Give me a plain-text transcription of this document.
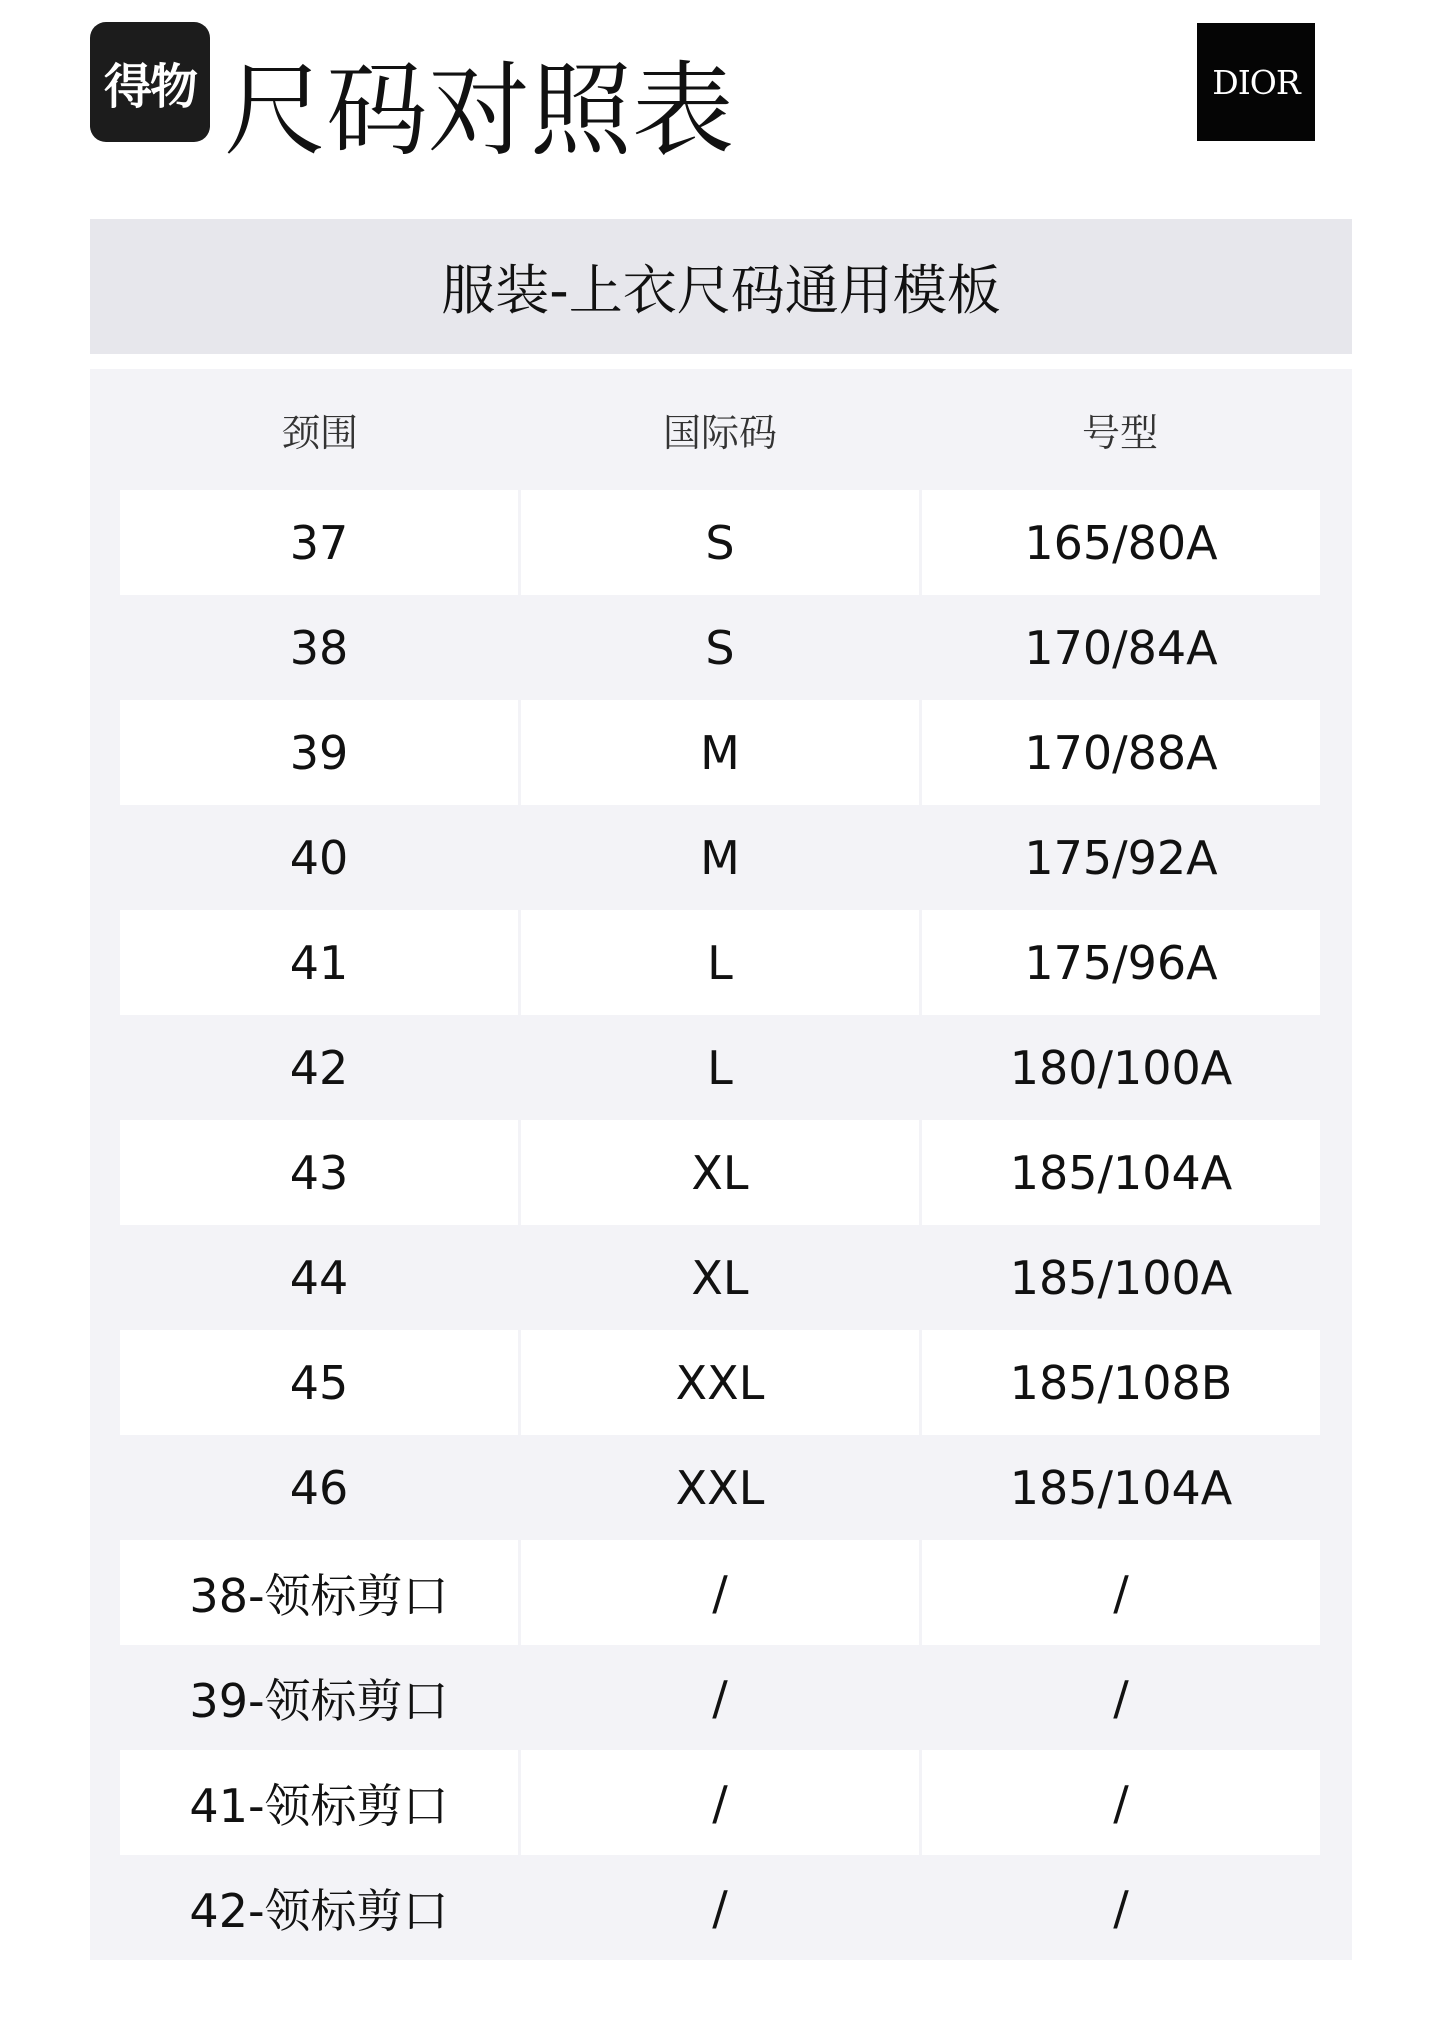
得物 尺码对照表	DIOR
服装-上衣尺码通用模板
颈围	国际码	号型
37	S	165/80A
38	S	170/84A
39	M	170/88A
40	M	175/92A
41	L	175/96A
42	L	180/100A
43	XL	185/104A
44	XL	185/100A
45	XXL	185/108B
46	XXL	185/104A
38-领标剪口	/	/
39-领标剪口	/	/
41-领标剪口	/	/
42-领标剪口	/	/
